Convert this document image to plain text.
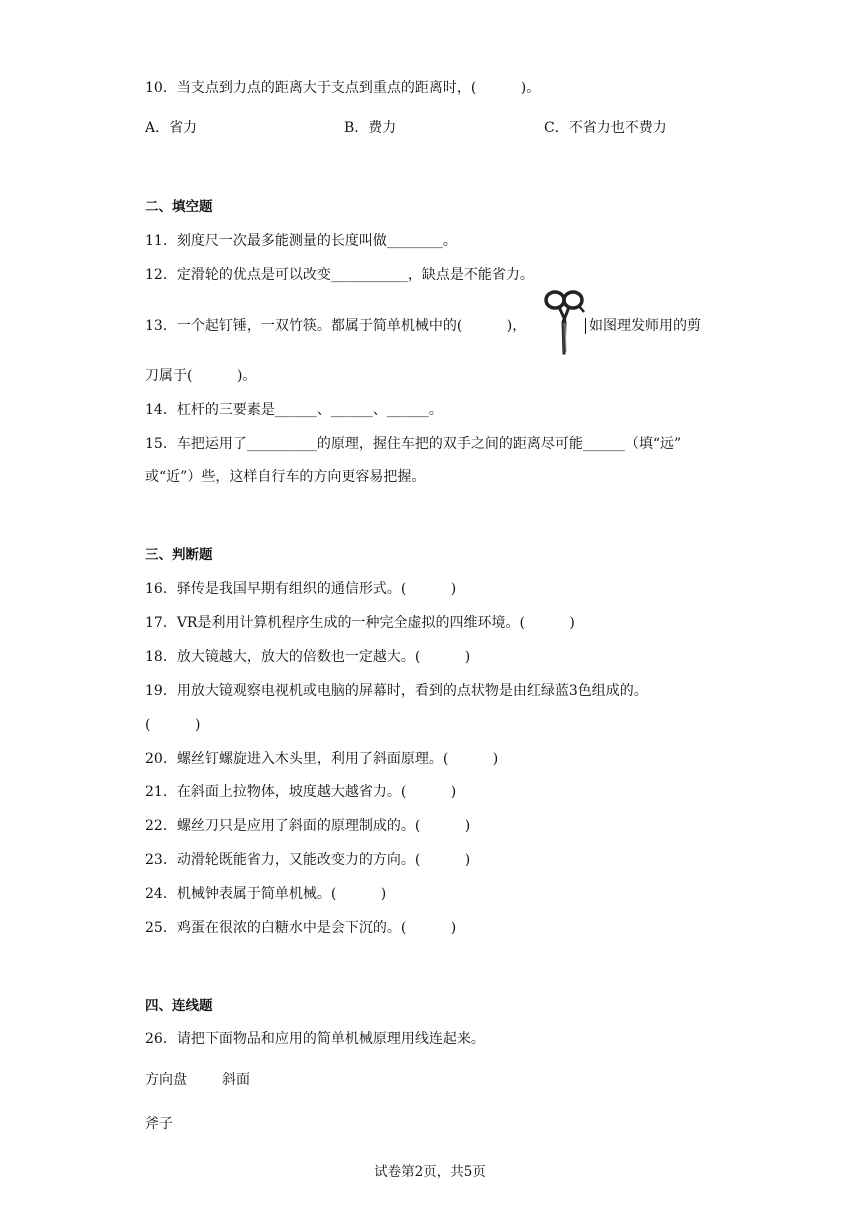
10．当支点到力点的距离大于支点到重点的距离时，(          )。
A．省力	B．费力	C．不省力也不费力
二、填空题
11．刻度尺一次最多能测量的长度叫做________。
12．定滑轮的优点是可以改变___________，缺点是不能省力。
13．一个起钉锤，一双竹筷。都属于简单机械中的(          )，	如图理发师用的剪
刀属于(          )。
14．杠杆的三要素是______、______、______。
15．车把运用了__________的原理，握住车把的双手之间的距离尽可能______（填“远”
或“近”）些，这样自行车的方向更容易把握。
三、判断题
16．驿传是我国早期有组织的通信形式。(          )
17．VR是利用计算机程序生成的一种完全虚拟的四维环境。(          )
18．放大镜越大，放大的倍数也一定越大。(          )
19．用放大镜观察电视机或电脑的屏幕时，看到的点状物是由红绿蓝3色组成的。
(          )
20．螺丝钉螺旋进入木头里，利用了斜面原理。(          )
21．在斜面上拉物体，坡度越大越省力。(          )
22．螺丝刀只是应用了斜面的原理制成的。(          )
23．动滑轮既能省力，又能改变力的方向。(          )
24．机械钟表属于简单机械。(          )
25．鸡蛋在很浓的白糖水中是会下沉的。(          )
四、连线题
26．请把下面物品和应用的简单机械原理用线连起来。
方向盘	斜面
斧子
试卷第2页，共5页
